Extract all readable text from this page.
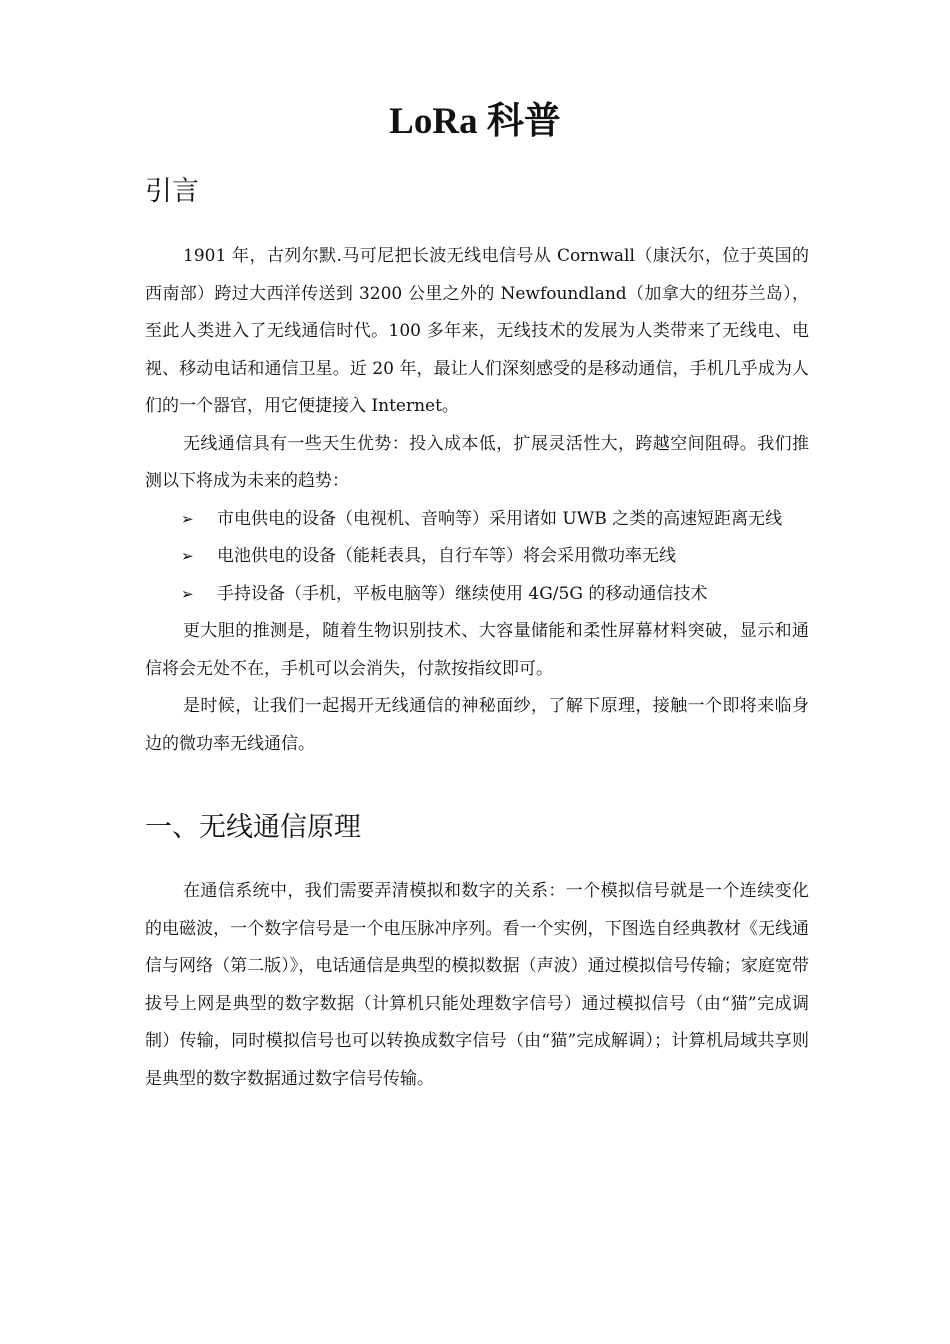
LoRa 科普
引言

1901 年，古列尔默.马可尼把长波无线电信号从 Cornwall（康沃尔，位于英国的西南部）跨过大西洋传送到 3200 公里之外的 Newfoundland（加拿大的纽芬兰岛），至此人类进入了无线通信时代。100 多年来，无线技术的发展为人类带来了无线电、电视、移动电话和通信卫星。近 20 年，最让人们深刻感受的是移动通信，手机几乎成为人们的一个器官，用它便捷接入 Internet。

无线通信具有一些天生优势：投入成本低，扩展灵活性大，跨越空间阻碍。我们推测以下将成为未来的趋势：

➢ 市电供电的设备（电视机、音响等）采用诸如 UWB 之类的高速短距离无线
➢ 电池供电的设备（能耗表具，自行车等）将会采用微功率无线
➢ 手持设备（手机，平板电脑等）继续使用 4G/5G 的移动通信技术

更大胆的推测是，随着生物识别技术、大容量储能和柔性屏幕材料突破，显示和通信将会无处不在，手机可以会消失，付款按指纹即可。

是时候，让我们一起揭开无线通信的神秘面纱，了解下原理，接触一个即将来临身边的微功率无线通信。

一、无线通信原理

在通信系统中，我们需要弄清模拟和数字的关系：一个模拟信号就是一个连续变化的电磁波，一个数字信号是一个电压脉冲序列。看一个实例，下图选自经典教材《无线通信与网络（第二版）》，电话通信是典型的模拟数据（声波）通过模拟信号传输；家庭宽带拔号上网是典型的数字数据（计算机只能处理数字信号）通过模拟信号（由“猫”完成调制）传输，同时模拟信号也可以转换成数字信号（由“猫”完成解调）；计算机局域共享则是典型的数字数据通过数字信号传输。
